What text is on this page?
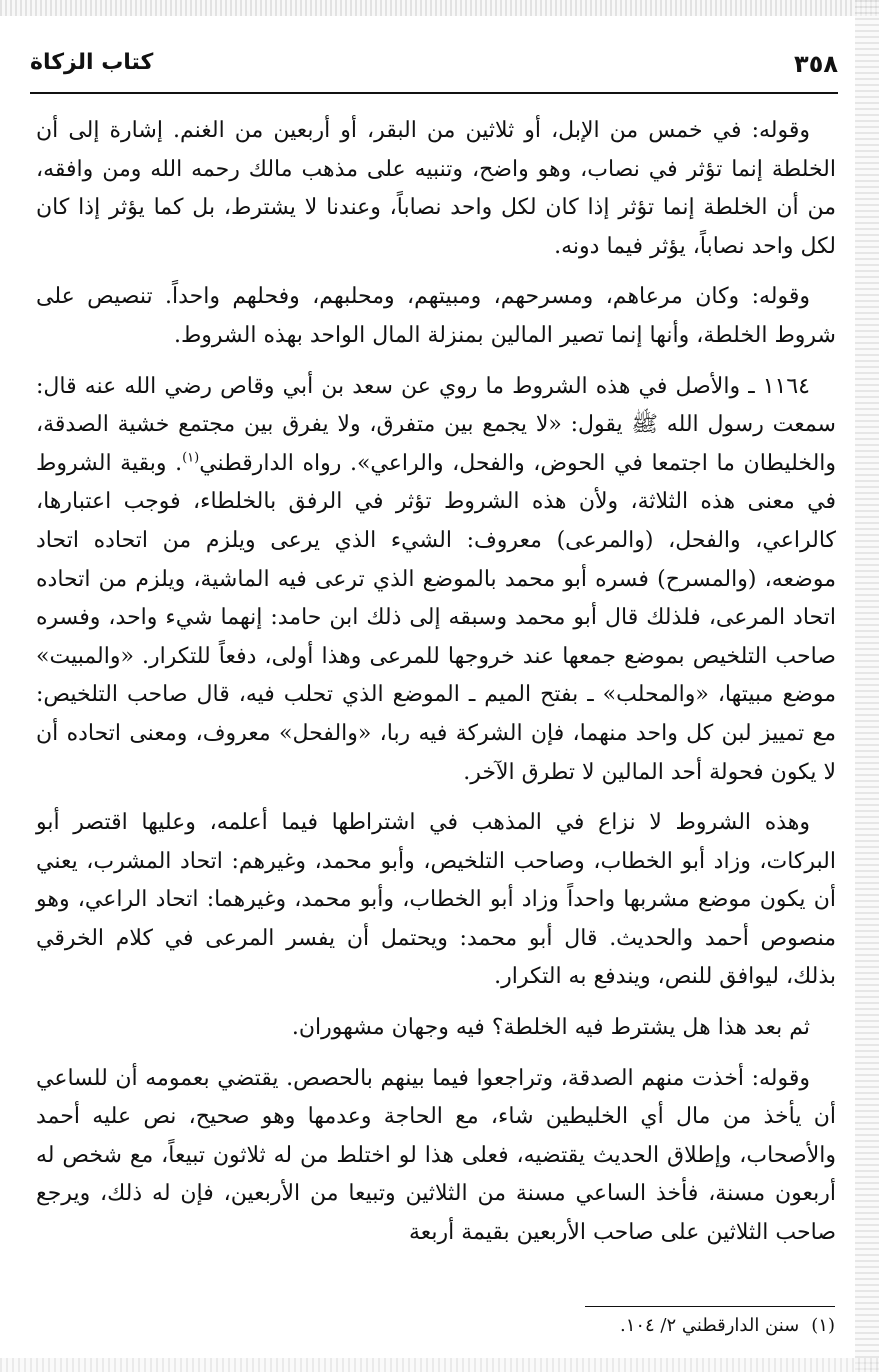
٣٥٨
كتاب الزكاة

وقوله: في خمس من الإبل، أو ثلاثين من البقر، أو أربعين من الغنم. إشارة إلى أن الخلطة إنما تؤثر في نصاب، وهو واضح، وتنبيه على مذهب مالك رحمه الله ومن وافقه، من أن الخلطة إنما تؤثر إذا كان لكل واحد نصاباً، وعندنا لا يشترط، بل كما يؤثر إذا كان لكل واحد نصاباً، يؤثر فيما دونه.

وقوله: وكان مرعاهم، ومسرحهم، ومبيتهم، ومحلبهم، وفحلهم واحداً. تنصيص على شروط الخلطة، وأنها إنما تصير المالين بمنزلة المال الواحد بهذه الشروط.

١١٦٤ ـ والأصل في هذه الشروط ما روي عن سعد بن أبي وقاص رضي الله عنه قال: سمعت رسول الله ﷺ يقول: «لا يجمع بين متفرق، ولا يفرق بين مجتمع خشية الصدقة، والخليطان ما اجتمعا في الحوض، والفحل، والراعي». رواه الدارقطني$^{(١)}$. وبقية الشروط في معنى هذه الثلاثة، ولأن هذه الشروط تؤثر في الرفق بالخلطاء، فوجب اعتبارها، كالراعي، والفحل، (والمرعى) معروف: الشيء الذي يرعى ويلزم من اتحاده اتحاد موضعه، (والمسرح) فسره أبو محمد بالموضع الذي ترعى فيه الماشية، ويلزم من اتحاده اتحاد المرعى، فلذلك قال أبو محمد وسبقه إلى ذلك ابن حامد: إنهما شيء واحد، وفسره صاحب التلخيص بموضع جمعها عند خروجها للمرعى وهذا أولى، دفعاً للتكرار. «والمبيت» موضع مبيتها، «والمحلب» ـ بفتح الميم ـ الموضع الذي تحلب فيه، قال صاحب التلخيص: مع تمييز لبن كل واحد منهما، فإن الشركة فيه ربا، «والفحل» معروف، ومعنى اتحاده أن لا يكون فحولة أحد المالين لا تطرق الآخر.

وهذه الشروط لا نزاع في المذهب في اشتراطها فيما أعلمه، وعليها اقتصر أبو البركات، وزاد أبو الخطاب، وصاحب التلخيص، وأبو محمد، وغيرهم: اتحاد المشرب، يعني أن يكون موضع مشربها واحداً وزاد أبو الخطاب، وأبو محمد، وغيرهما: اتحاد الراعي، وهو منصوص أحمد والحديث. قال أبو محمد: ويحتمل أن يفسر المرعى في كلام الخرقي بذلك، ليوافق للنص، ويندفع به التكرار.

ثم بعد هذا هل يشترط فيه الخلطة؟ فيه وجهان مشهوران.

وقوله: أخذت منهم الصدقة، وتراجعوا فيما بينهم بالحصص. يقتضي بعمومه أن للساعي أن يأخذ من مال أي الخليطين شاء، مع الحاجة وعدمها وهو صحيح، نص عليه أحمد والأصحاب، وإطلاق الحديث يقتضيه، فعلى هذا لو اختلط من له ثلاثون تبيعاً، مع شخص له أربعون مسنة، فأخذ الساعي مسنة من الثلاثين وتبيعا من الأربعين، فإن له ذلك، ويرجع صاحب الثلاثين على صاحب الأربعين بقيمة أربعة

(١)سنن الدارقطني ٢/ ١٠٤.
